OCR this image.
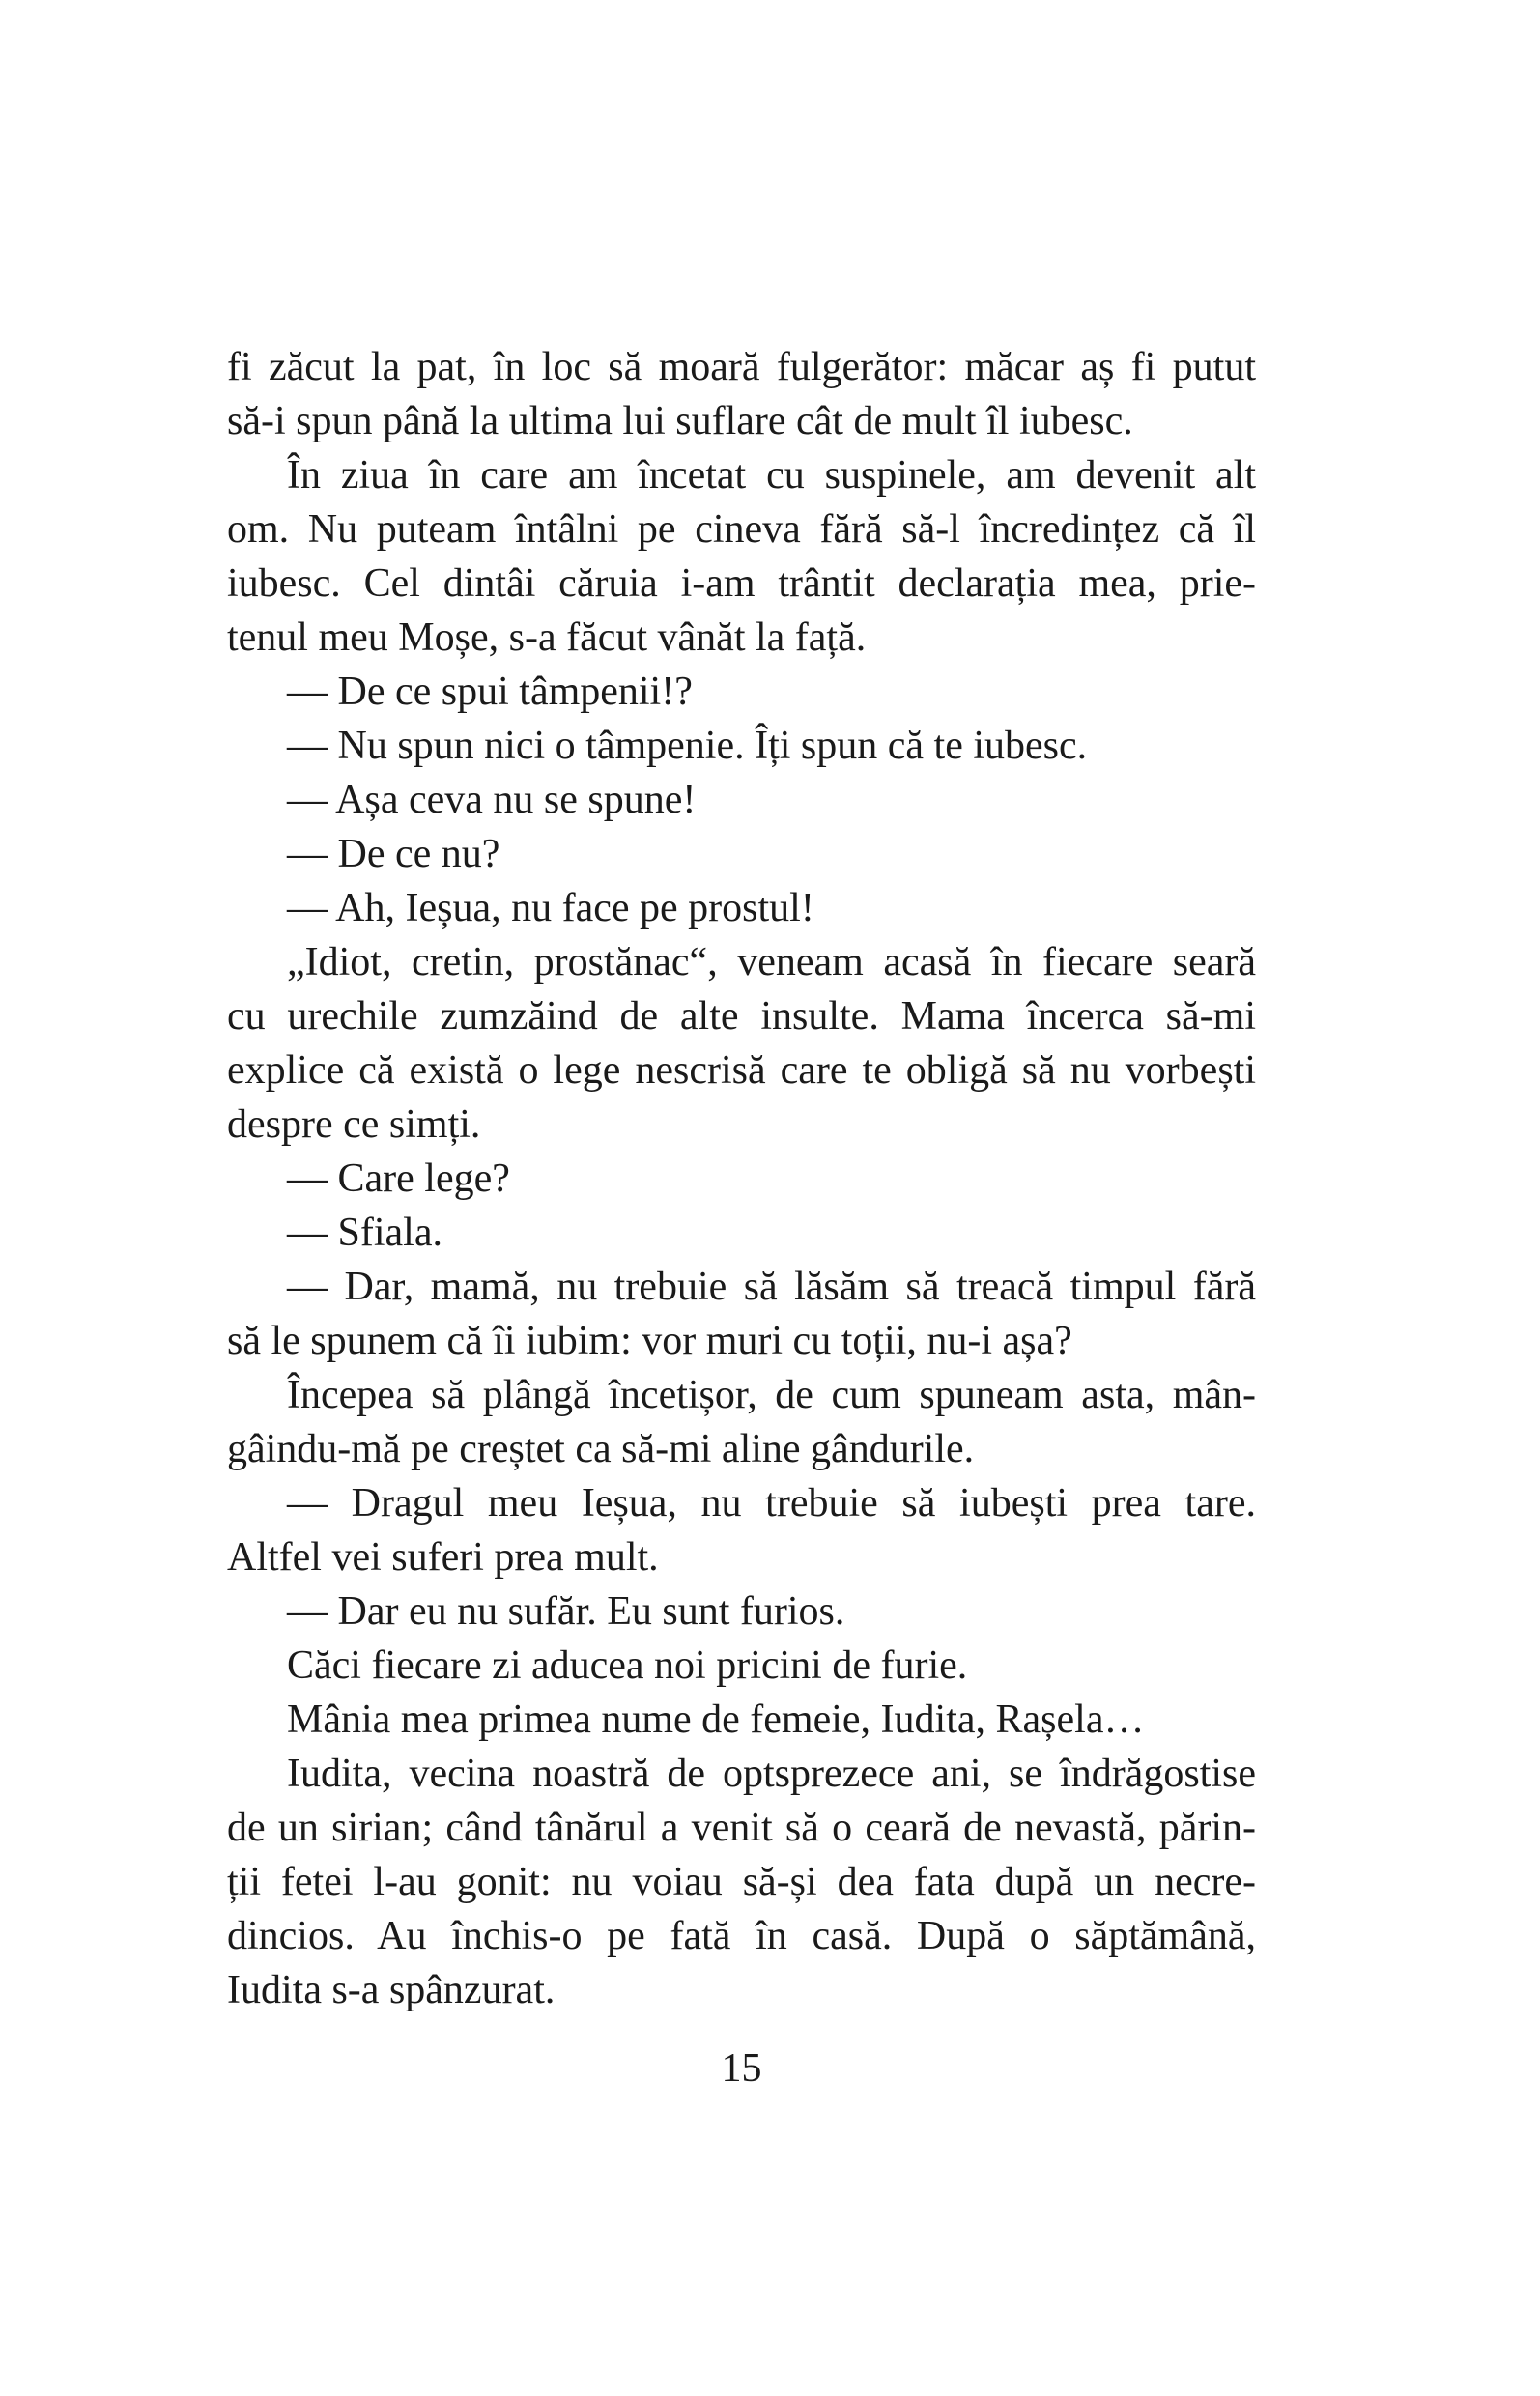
fi zăcut la pat, în loc să moară fulgerător: măcar aș fi putut
să-i spun până la ultima lui suflare cât de mult îl iubesc.
În ziua în care am încetat cu suspinele, am devenit alt
om. Nu puteam întâlni pe cineva fără să-l încredințez că îl
iubesc. Cel dintâi căruia i-am trântit declarația mea, prie-
tenul meu Moșe, s-a făcut vânăt la față.
— De ce spui tâmpenii!?
— Nu spun nici o tâmpenie. Îți spun că te iubesc.
— Așa ceva nu se spune!
— De ce nu?
— Ah, Ieșua, nu face pe prostul!
„Idiot, cretin, prostănac“, veneam acasă în fiecare seară
cu urechile zumzăind de alte insulte. Mama încerca să-mi
explice că există o lege nescrisă care te obligă să nu vorbești
despre ce simți.
— Care lege?
— Sfiala.
— Dar, mamă, nu trebuie să lăsăm să treacă timpul fără
să le spunem că îi iubim: vor muri cu toții, nu-i așa?
Începea să plângă încetișor, de cum spuneam asta, mân-
gâindu-mă pe creștet ca să-mi aline gândurile.
— Dragul meu Ieșua, nu trebuie să iubești prea tare.
Altfel vei suferi prea mult.
— Dar eu nu sufăr. Eu sunt furios.
Căci fiecare zi aducea noi pricini de furie.
Mânia mea primea nume de femeie, Iudita, Rașela…
Iudita, vecina noastră de optsprezece ani, se îndrăgostise
de un sirian; când tânărul a venit să o ceară de nevastă, părin-
ții fetei l-au gonit: nu voiau să-și dea fata după un necre-
dincios. Au închis-o pe fată în casă. După o săptămână,
Iudita s-a spânzurat.
15
